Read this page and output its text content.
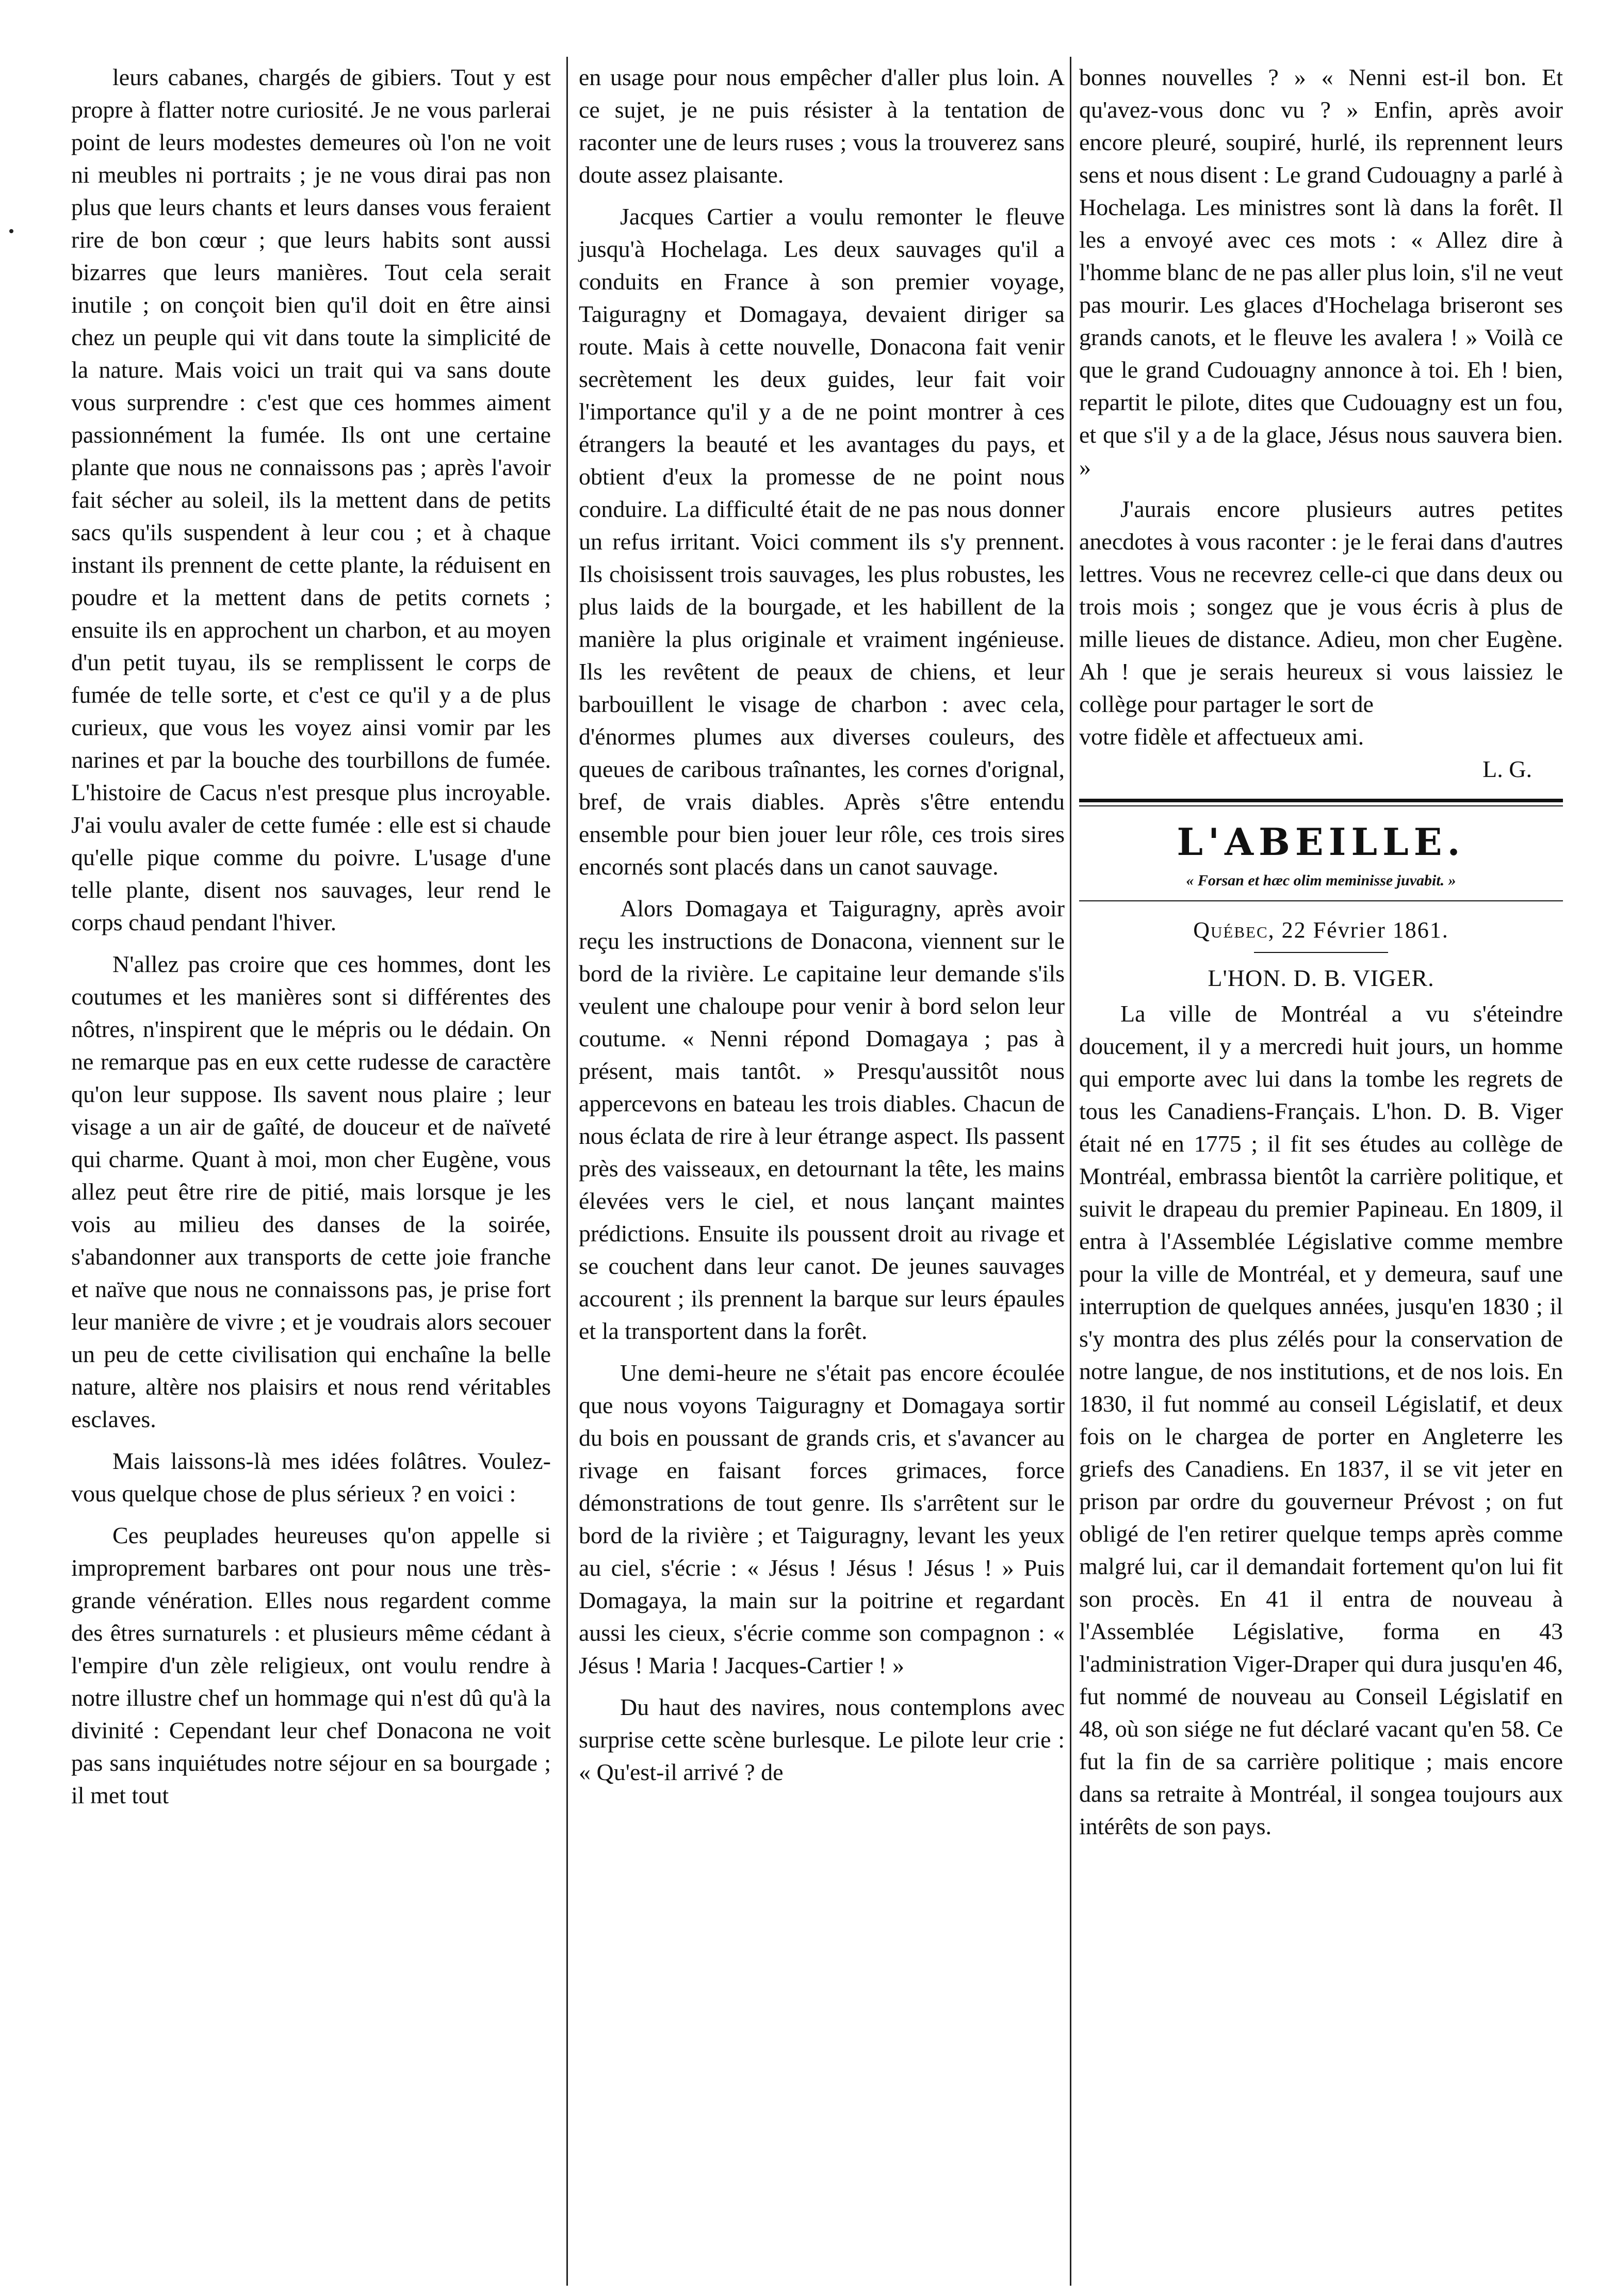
leurs cabanes, chargés de gibiers. Tout y est propre à flatter notre curiosité. Je ne vous parlerai point de leurs modestes demeures où l'on ne voit ni meubles ni portraits ; je ne vous dirai pas non plus que leurs chants et leurs danses vous feraient rire de bon cœur ; que leurs habits sont aussi bizarres que leurs manières. Tout cela serait inutile ; on conçoit bien qu'il doit en être ainsi chez un peuple qui vit dans toute la simplicité de la nature. Mais voici un trait qui va sans doute vous surprendre : c'est que ces hommes aiment passionnément la fumée. Ils ont une certaine plante que nous ne connaissons pas ; après l'avoir fait sécher au soleil, ils la mettent dans de petits sacs qu'ils suspendent à leur cou ; et à chaque instant ils prennent de cette plante, la réduisent en poudre et la mettent dans de petits cornets ; ensuite ils en approchent un charbon, et au moyen d'un petit tuyau, ils se remplissent le corps de fumée de telle sorte, et c'est ce qu'il y a de plus curieux, que vous les voyez ainsi vomir par les narines et par la bouche des tourbillons de fumée. L'histoire de Cacus n'est presque plus incroyable. J'ai voulu avaler de cette fumée : elle est si chaude qu'elle pique comme du poivre. L'usage d'une telle plante, disent nos sauvages, leur rend le corps chaud pendant l'hiver.

N'allez pas croire que ces hommes, dont les coutumes et les manières sont si différentes des nôtres, n'inspirent que le mépris ou le dédain. On ne remarque pas en eux cette rudesse de caractère qu'on leur suppose. Ils savent nous plaire ; leur visage a un air de gaîté, de douceur et de naïveté qui charme. Quant à moi, mon cher Eugène, vous allez peut être rire de pitié, mais lorsque je les vois au milieu des danses de la soirée, s'abandonner aux transports de cette joie franche et naïve que nous ne connaissons pas, je prise fort leur manière de vivre ; et je voudrais alors secouer un peu de cette civilisation qui enchaîne la belle nature, altère nos plaisirs et nous rend véritables esclaves.

Mais laissons-là mes idées folâtres. Voulez-vous quelque chose de plus sérieux ? en voici :

Ces peuplades heureuses qu'on appelle si improprement barbares ont pour nous une très-grande vénération. Elles nous regardent comme des êtres surnaturels : et plusieurs même cédant à l'empire d'un zèle religieux, ont voulu rendre à notre illustre chef un hommage qui n'est dû qu'à la divinité : Cependant leur chef Donacona ne voit pas sans inquiétudes notre séjour en sa bourgade ; il met tout

en usage pour nous empêcher d'aller plus loin. A ce sujet, je ne puis résister à la tentation de raconter une de leurs ruses ; vous la trouverez sans doute assez plaisante.

Jacques Cartier a voulu remonter le fleuve jusqu'à Hochelaga. Les deux sauvages qu'il a conduits en France à son premier voyage, Taiguragny et Domagaya, devaient diriger sa route. Mais à cette nouvelle, Donacona fait venir secrètement les deux guides, leur fait voir l'importance qu'il y a de ne point montrer à ces étrangers la beauté et les avantages du pays, et obtient d'eux la promesse de ne point nous conduire. La difficulté était de ne pas nous donner un refus irritant. Voici comment ils s'y prennent. Ils choisissent trois sauvages, les plus robustes, les plus laids de la bourgade, et les habillent de la manière la plus originale et vraiment ingénieuse. Ils les revêtent de peaux de chiens, et leur barbouillent le visage de charbon : avec cela, d'énormes plumes aux diverses couleurs, des queues de caribous traînantes, les cornes d'orignal, bref, de vrais diables. Après s'être entendu ensemble pour bien jouer leur rôle, ces trois sires encornés sont placés dans un canot sauvage.

Alors Domagaya et Taiguragny, après avoir reçu les instructions de Donacona, viennent sur le bord de la rivière. Le capitaine leur demande s'ils veulent une chaloupe pour venir à bord selon leur coutume. « Nenni répond Domagaya ; pas à présent, mais tantôt. » Presqu'aussitôt nous appercevons en bateau les trois diables. Chacun de nous éclata de rire à leur étrange aspect. Ils passent près des vaisseaux, en detournant la tête, les mains élevées vers le ciel, et nous lançant maintes prédictions. Ensuite ils poussent droit au rivage et se couchent dans leur canot. De jeunes sauvages accourent ; ils prennent la barque sur leurs épaules et la transportent dans la forêt.

Une demi-heure ne s'était pas encore écoulée que nous voyons Taiguragny et Domagaya sortir du bois en poussant de grands cris, et s'avancer au rivage en faisant forces grimaces, force démonstrations de tout genre. Ils s'arrêtent sur le bord de la rivière ; et Taiguragny, levant les yeux au ciel, s'écrie : « Jésus ! Jésus ! Jésus ! » Puis Domagaya, la main sur la poitrine et regardant aussi les cieux, s'écrie comme son compagnon : « Jésus ! Maria ! Jacques-Cartier ! »

Du haut des navires, nous contemplons avec surprise cette scène burlesque. Le pilote leur crie : « Qu'est-il arrivé ? de

bonnes nouvelles ? » « Nenni est-il bon. Et qu'avez-vous donc vu ? » Enfin, après avoir encore pleuré, soupiré, hurlé, ils reprennent leurs sens et nous disent : Le grand Cudouagny a parlé à Hochelaga. Les ministres sont là dans la forêt. Il les a envoyé avec ces mots : « Allez dire à l'homme blanc de ne pas aller plus loin, s'il ne veut pas mourir. Les glaces d'Hochelaga briseront ses grands canots, et le fleuve les avalera ! » Voilà ce que le grand Cudouagny annonce à toi. Eh ! bien, repartit le pilote, dites que Cudouagny est un fou, et que s'il y a de la glace, Jésus nous sauvera bien. »

J'aurais encore plusieurs autres petites anecdotes à vous raconter : je le ferai dans d'autres lettres. Vous ne recevrez celle-ci que dans deux ou trois mois ; songez que je vous écris à plus de mille lieues de distance. Adieu, mon cher Eugène. Ah ! que je serais heureux si vous laissiez le collège pour partager le sort de

votre fidèle et affectueux ami.

L. G.

L'ABEILLE.
« Forsan et hæc olim meminisse juvabit. »
Québec, 22 Février 1861.
L'HON. D. B. VIGER.

La ville de Montréal a vu s'éteindre doucement, il y a mercredi huit jours, un homme qui emporte avec lui dans la tombe les regrets de tous les Canadiens-Français. L'hon. D. B. Viger était né en 1775 ; il fit ses études au collège de Montréal, embrassa bientôt la carrière politique, et suivit le drapeau du premier Papineau. En 1809, il entra à l'Assemblée Législative comme membre pour la ville de Montréal, et y demeura, sauf une interruption de quelques années, jusqu'en 1830 ; il s'y montra des plus zélés pour la conservation de notre langue, de nos institutions, et de nos lois. En 1830, il fut nommé au conseil Législatif, et deux fois on le chargea de porter en Angleterre les griefs des Canadiens. En 1837, il se vit jeter en prison par ordre du gouverneur Prévost ; on fut obligé de l'en retirer quelque temps après comme malgré lui, car il demandait fortement qu'on lui fit son procès. En 41 il entra de nouveau à l'Assemblée Législative, forma en 43 l'administration Viger-Draper qui dura jusqu'en 46, fut nommé de nouveau au Conseil Législatif en 48, où son siége ne fut déclaré vacant qu'en 58. Ce fut la fin de sa carrière politique ; mais encore dans sa retraite à Montréal, il songea toujours aux intérêts de son pays.
